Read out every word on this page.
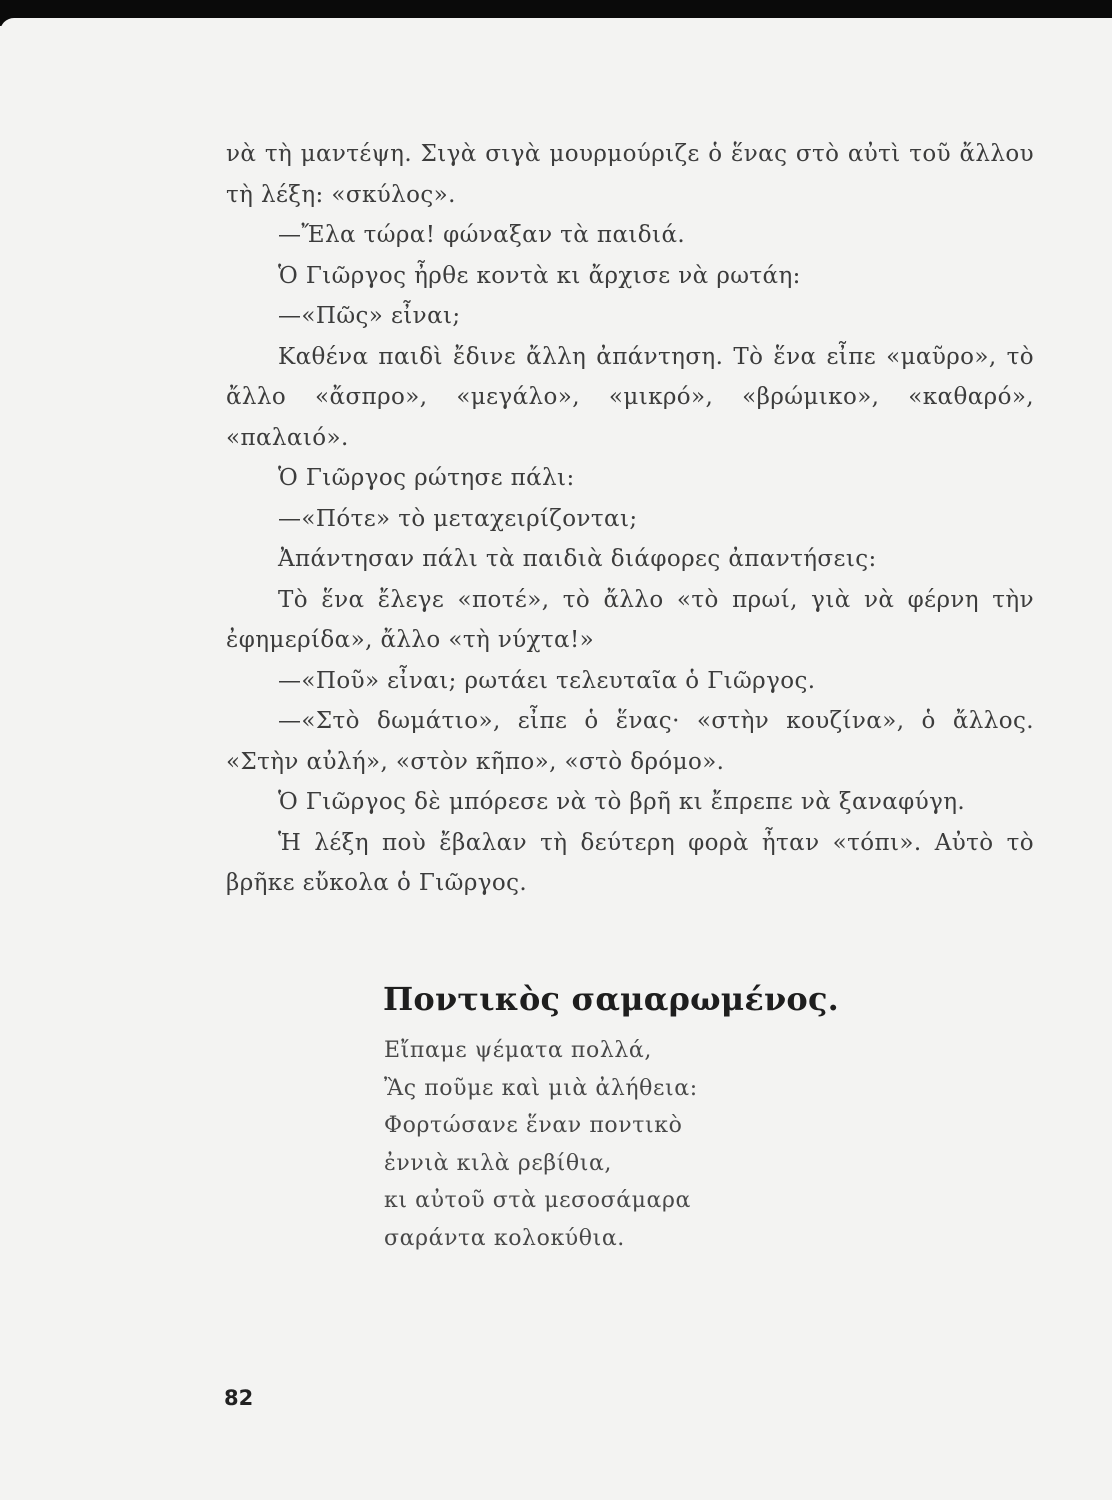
νὰ τὴ μαντέψη. Σιγὰ σιγὰ μουρμούριζε ὁ ἕνας στὸ αὐτὶ τοῦ ἄλλου τὴ λέξη: «σκύλος».

—Ἔλα τώρα! φώναξαν τὰ παιδιά.

Ὁ Γιῶργος ἦρθε κοντὰ κι ἄρχισε νὰ ρωτάη:

—«Πῶς» εἶναι;

Καθένα παιδὶ ἔδινε ἄλλη ἀπάντηση. Τὸ ἕνα εἶπε «μαῦρο», τὸ ἄλλο «ἄσπρο», «μεγάλο», «μικρό», «βρώμικο», «καθαρό», «παλαιό».

Ὁ Γιῶργος ρώτησε πάλι:

—«Πότε» τὸ μεταχειρίζονται;

Ἀπάντησαν πάλι τὰ παιδιὰ διάφορες ἀπαντήσεις:

Τὸ ἕνα ἔλεγε «ποτέ», τὸ ἄλλο «τὸ πρωί, γιὰ νὰ φέρνη τὴν ἐφημερίδα», ἄλλο «τὴ νύχτα!»

—«Ποῦ» εἶναι; ρωτάει τελευταῖα ὁ Γιῶργος.

—«Στὸ δωμάτιο», εἶπε ὁ ἕνας· «στὴν κουζίνα», ὁ ἄλλος. «Στὴν αὐλή», «στὸν κῆπο», «στὸ δρόμο».

Ὁ Γιῶργος δὲ μπόρεσε νὰ τὸ βρῆ κι ἔπρεπε νὰ ξαναφύγη.

Ἡ λέξη ποὺ ἔβαλαν τὴ δεύτερη φορὰ ἦταν «τόπι». Αὐτὸ τὸ βρῆκε εὔκολα ὁ Γιῶργος.

Ποντικὸς σαμαρωμένος.
Εἴπαμε ψέματα πολλά,
Ἂς ποῦμε καὶ μιὰ ἀλήθεια:
Φορτώσανε ἕναν ποντικὸ
ἐννιὰ κιλὰ ρεβίθια,
κι αὐτοῦ στὰ μεσοσάμαρα
σαράντα κολοκύθια.
82
